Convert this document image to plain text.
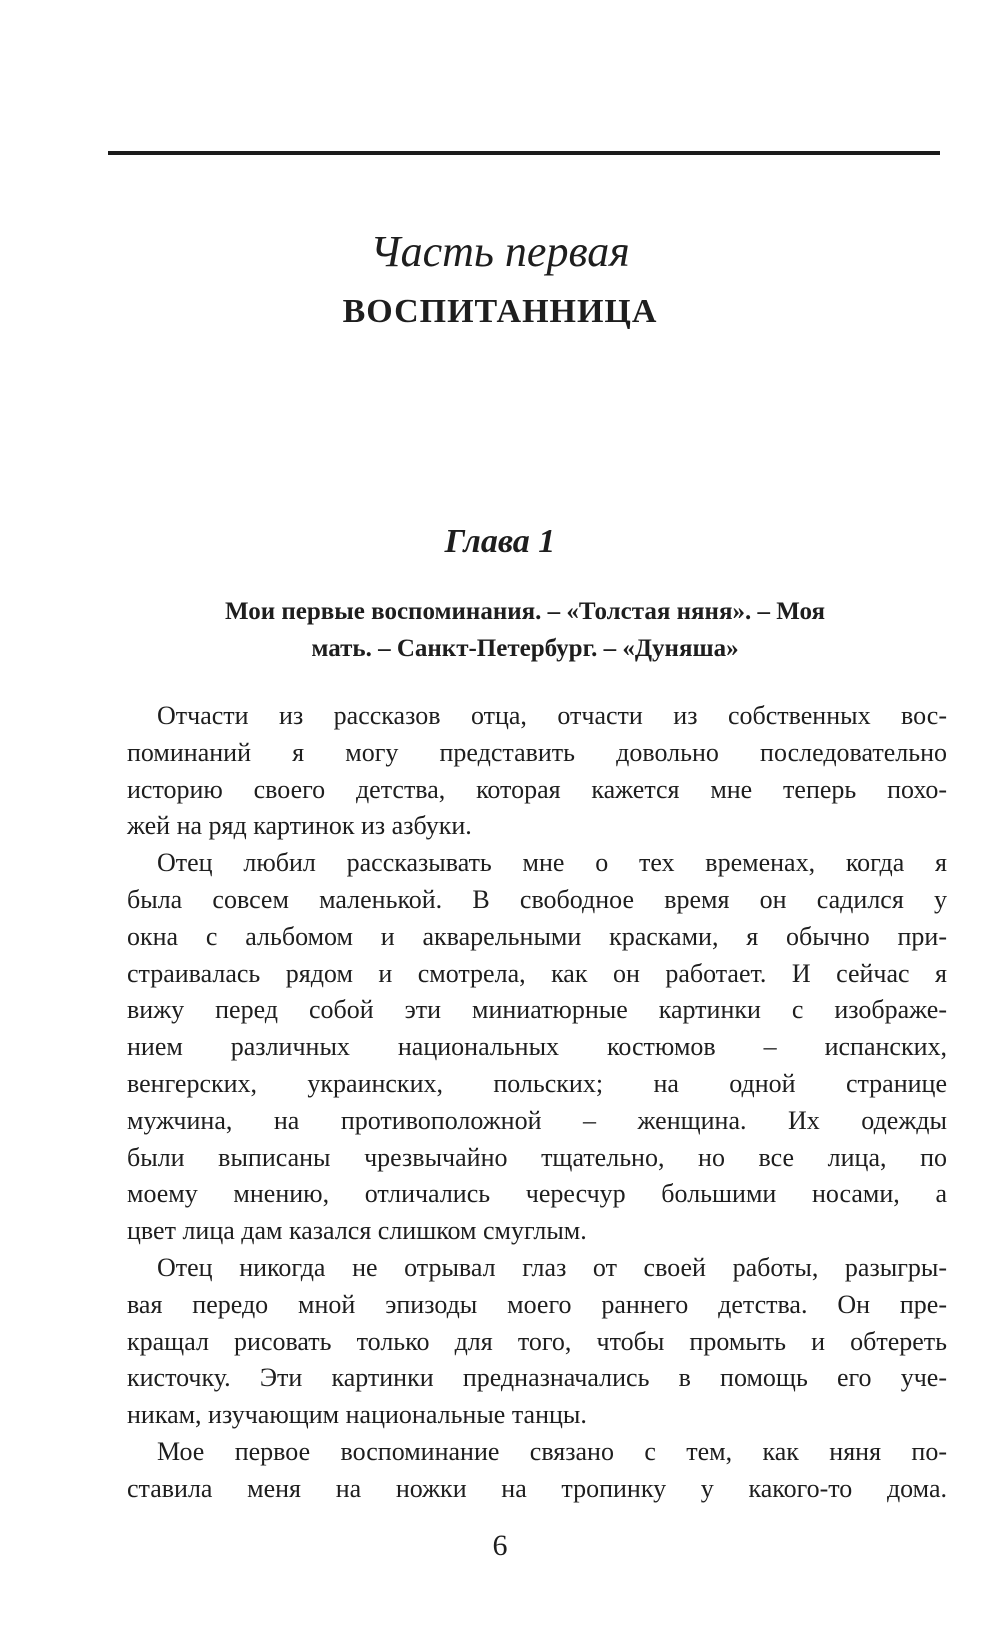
Часть первая
ВОСПИТАННИЦА
Глава 1
Мои первые воспоминания. – «Толстая няня». – Моя
мать. – Санкт-Петербург. – «Дуняша»
Отчасти из рассказов отца, отчасти из собственных вос-
поминаний я могу представить довольно последовательно
историю своего детства, которая кажется мне теперь похо-
жей на ряд картинок из азбуки.
Отец любил рассказывать мне о тех временах, когда я
была совсем маленькой. В свободное время он садился у
окна с альбомом и акварельными красками, я обычно при-
страивалась рядом и смотрела, как он работает. И сейчас я
вижу перед собой эти миниатюрные картинки с изображе-
нием различных национальных костюмов – испанских,
венгерских, украинских, польских; на одной странице
мужчина, на противоположной – женщина. Их одежды
были выписаны чрезвычайно тщательно, но все лица, по
моему мнению, отличались чересчур большими носами, а
цвет лица дам казался слишком смуглым.
Отец никогда не отрывал глаз от своей работы, разыгры-
вая передо мной эпизоды моего раннего детства. Он пре-
кращал рисовать только для того, чтобы промыть и обтереть
кисточку. Эти картинки предназначались в помощь его уче-
никам, изучающим национальные танцы.
Мое первое воспоминание связано с тем, как няня по-
ставила меня на ножки на тропинку у какого-то дома.
6
